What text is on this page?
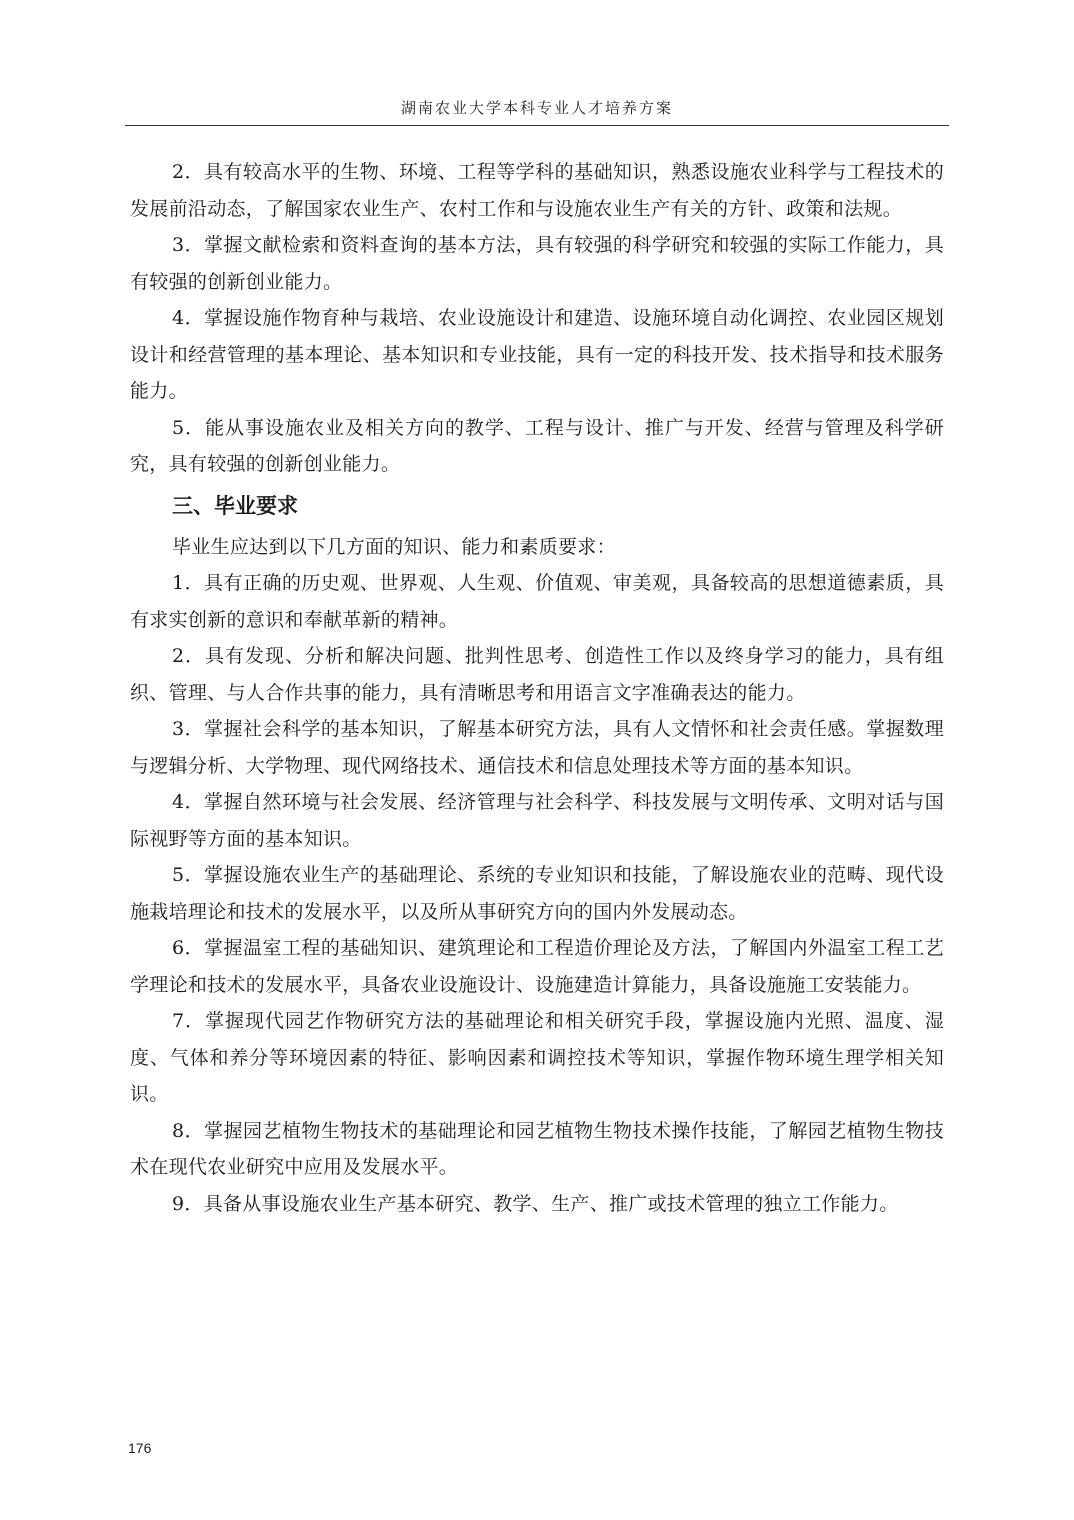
湖南农业大学本科专业人才培养方案

2．具有较高水平的生物、环境、工程等学科的基础知识，熟悉设施农业科学与工程技术的发展前沿动态，了解国家农业生产、农村工作和与设施农业生产有关的方针、政策和法规。

3．掌握文献检索和资料查询的基本方法，具有较强的科学研究和较强的实际工作能力，具有较强的创新创业能力。

4．掌握设施作物育种与栽培、农业设施设计和建造、设施环境自动化调控、农业园区规划设计和经营管理的基本理论、基本知识和专业技能，具有一定的科技开发、技术指导和技术服务能力。

5．能从事设施农业及相关方向的教学、工程与设计、推广与开发、经营与管理及科学研究，具有较强的创新创业能力。

三、毕业要求

毕业生应达到以下几方面的知识、能力和素质要求：

1．具有正确的历史观、世界观、人生观、价值观、审美观，具备较高的思想道德素质，具有求实创新的意识和奉献革新的精神。

2．具有发现、分析和解决问题、批判性思考、创造性工作以及终身学习的能力，具有组织、管理、与人合作共事的能力，具有清晰思考和用语言文字准确表达的能力。

3．掌握社会科学的基本知识，了解基本研究方法，具有人文情怀和社会责任感。掌握数理与逻辑分析、大学物理、现代网络技术、通信技术和信息处理技术等方面的基本知识。

4．掌握自然环境与社会发展、经济管理与社会科学、科技发展与文明传承、文明对话与国际视野等方面的基本知识。

5．掌握设施农业生产的基础理论、系统的专业知识和技能，了解设施农业的范畴、现代设施栽培理论和技术的发展水平，以及所从事研究方向的国内外发展动态。

6．掌握温室工程的基础知识、建筑理论和工程造价理论及方法，了解国内外温室工程工艺学理论和技术的发展水平，具备农业设施设计、设施建造计算能力，具备设施施工安装能力。

7．掌握现代园艺作物研究方法的基础理论和相关研究手段，掌握设施内光照、温度、湿度、气体和养分等环境因素的特征、影响因素和调控技术等知识，掌握作物环境生理学相关知识。

8．掌握园艺植物生物技术的基础理论和园艺植物生物技术操作技能，了解园艺植物生物技术在现代农业研究中应用及发展水平。

9．具备从事设施农业生产基本研究、教学、生产、推广或技术管理的独立工作能力。

176
